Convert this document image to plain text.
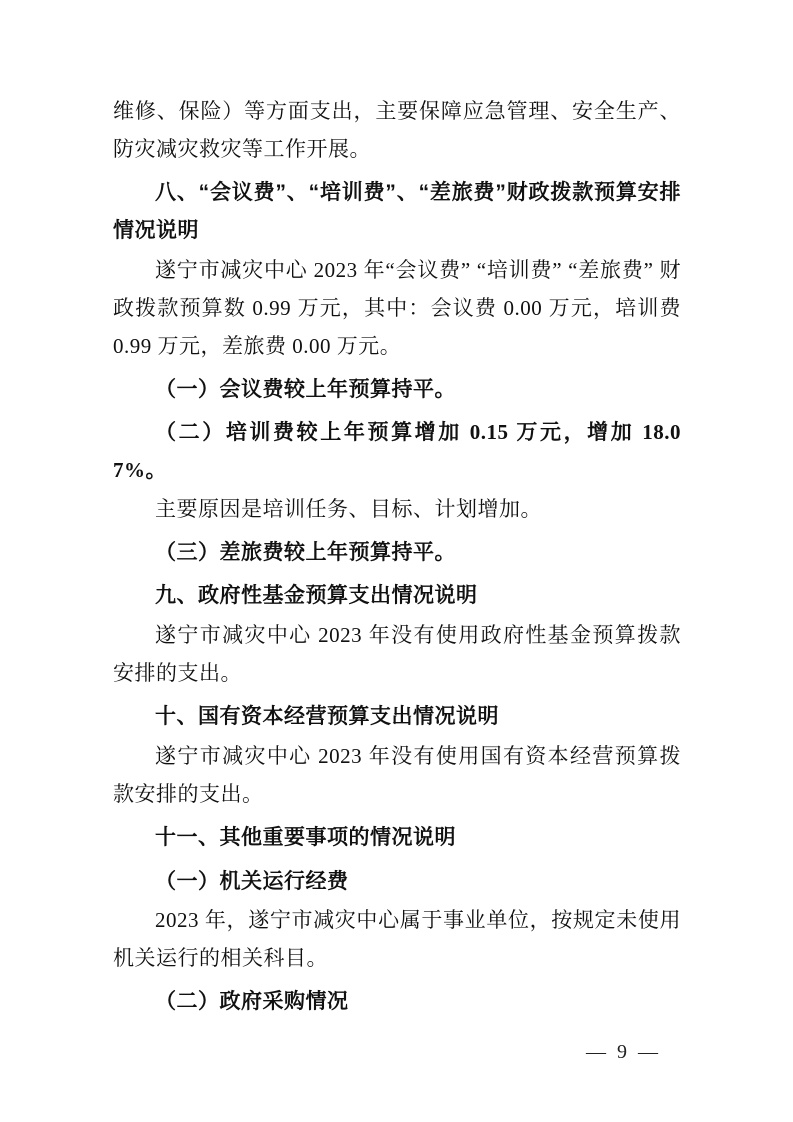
维修、保险）等方面支出，主要保障应急管理、安全生产、防灾减灾救灾等工作开展。

八、“会议费”、“培训费”、“差旅费”财政拨款预算安排情况说明

遂宁市减灾中心 2023 年“会议费” “培训费” “差旅费” 财政拨款预算数 0.99 万元，其中：会议费 0.00 万元，培训费 0.99 万元，差旅费 0.00 万元。

（一）会议费较上年预算持平。

（二）培训费较上年预算增加 0.15 万元，增加 18.07%。

主要原因是培训任务、目标、计划增加。

（三）差旅费较上年预算持平。

九、政府性基金预算支出情况说明

遂宁市减灾中心 2023 年没有使用政府性基金预算拨款安排的支出。

十、国有资本经营预算支出情况说明

遂宁市减灾中心 2023 年没有使用国有资本经营预算拨款安排的支出。

十一、其他重要事项的情况说明

（一）机关运行经费

2023 年，遂宁市减灾中心属于事业单位，按规定未使用机关运行的相关科目。

（二）政府采购情况

— 9 —
